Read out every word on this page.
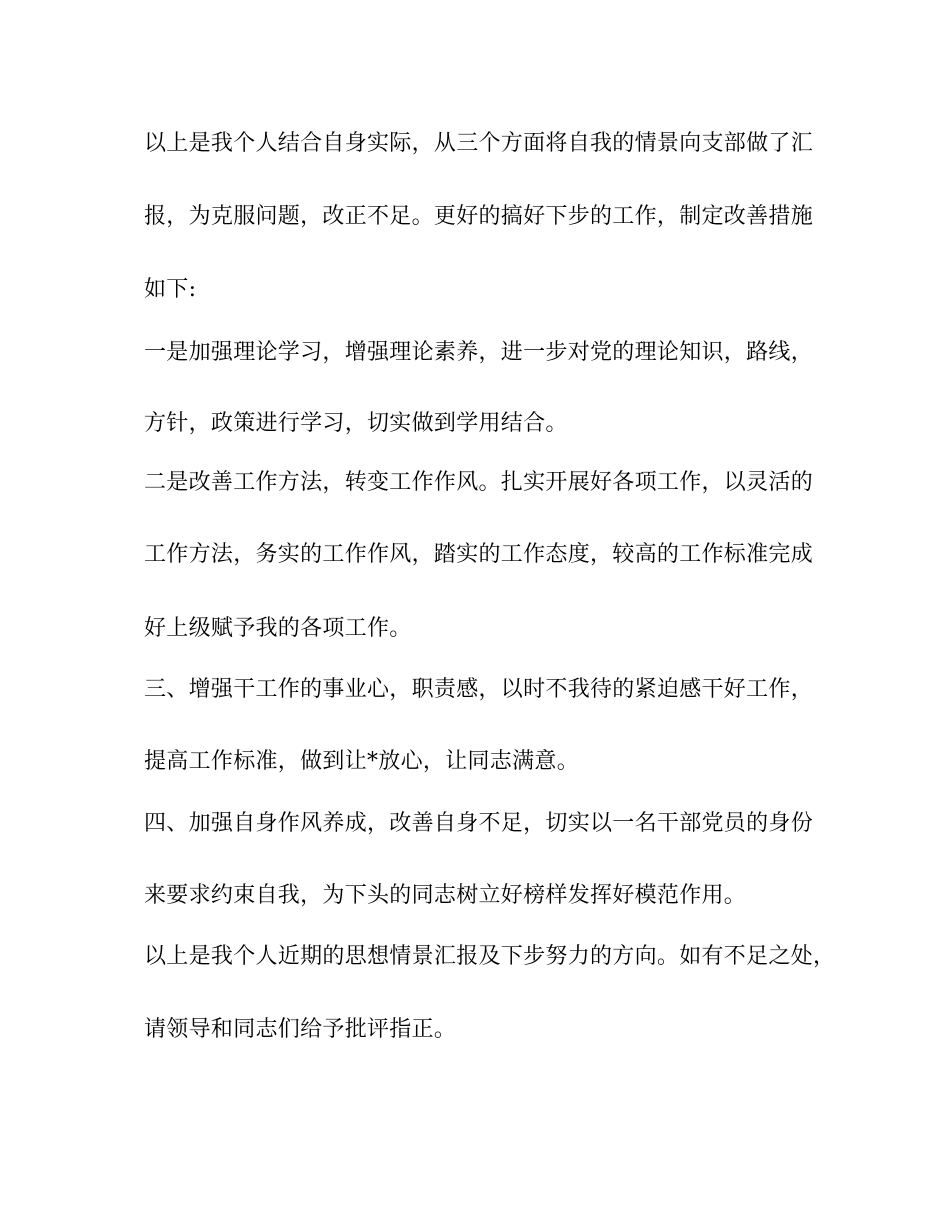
以上是我个人结合自身实际，从三个方面将自我的情景向支部做了汇
报，为克服问题，改正不足。更好的搞好下步的工作，制定改善措施
如下:
一是加强理论学习，增强理论素养，进一步对党的理论知识，路线，
方针，政策进行学习，切实做到学用结合。
二是改善工作方法，转变工作作风。扎实开展好各项工作，以灵活的
工作方法，务实的工作作风，踏实的工作态度，较高的工作标准完成
好上级赋予我的各项工作。
三、增强干工作的事业心，职责感，以时不我待的紧迫感干好工作，
提高工作标准，做到让*放心，让同志满意。
四、加强自身作风养成，改善自身不足，切实以一名干部党员的身份
来要求约束自我，为下头的同志树立好榜样发挥好模范作用。
以上是我个人近期的思想情景汇报及下步努力的方向。如有不足之处，
请领导和同志们给予批评指正。
